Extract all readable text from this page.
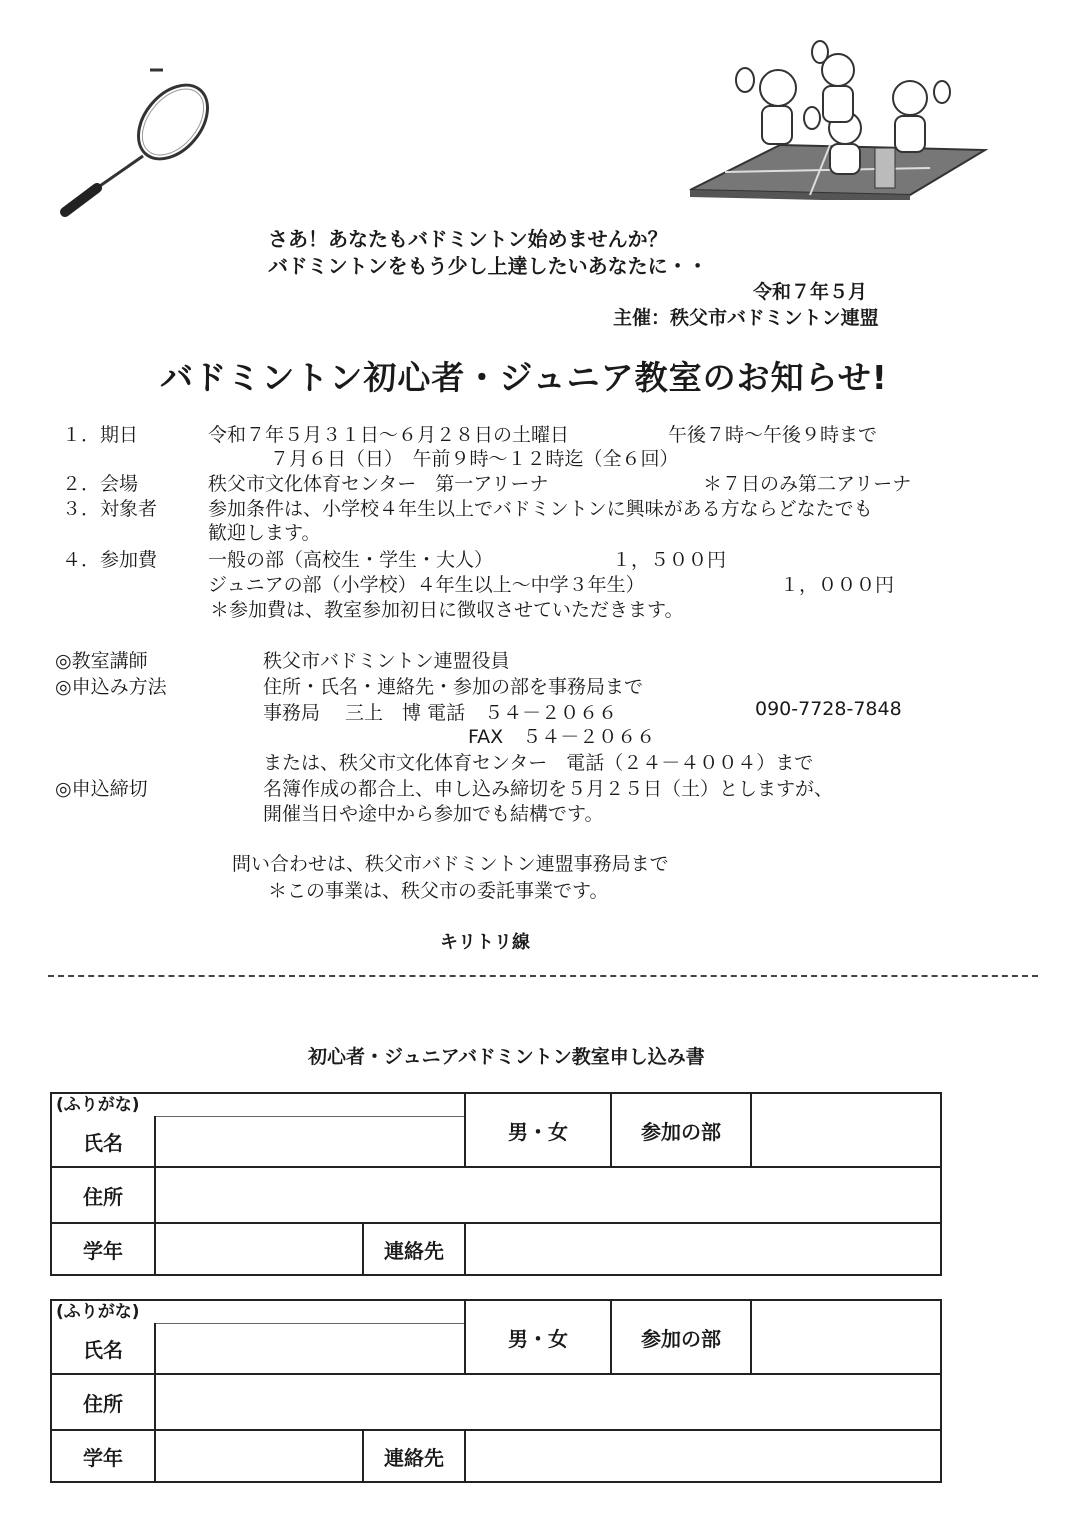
さあ！あなたもバドミントン始めませんか？
バドミントンをもう少し上達したいあなたに・・
令和７年５月
主催：秩父市バドミントン連盟
バドミントン初心者・ジュニア教室のお知らせ!
１．期日	令和７年５月３１日～６月２８日の土曜日	午後７時～午後９時まで
７月６日（日）　午前９時～１２時迄（全６回）
２．会場	秩父市文化体育センター　第一アリーナ	＊７日のみ第二アリーナ
３．対象者	参加条件は、小学校４年生以上でバドミントンに興味がある方ならどなたでも
歓迎します。
４．参加費	一般の部（高校生・学生・大人）	１，５００円
ジュニアの部（小学校）４年生以上～中学３年生）	１，０００円
＊参加費は、教室参加初日に徴収させていただきます。
◎教室講師	秩父市バドミントン連盟役員
◎申込み方法	住所・氏名・連絡先・参加の部を事務局まで
事務局　 三上　博 電話　５４－２０６６	090-7728-7848
FAX　５４－２０６６
または、秩父市文化体育センター　電話（２４－４００４）まで
◎申込締切	名簿作成の都合上、申し込み締切を５月２５日（土）としますが、
開催当日や途中から参加でも結構です。
問い合わせは、秩父市バドミントン連盟事務局まで
＊この事業は、秩父市の委託事業です。
キリトリ線
初心者・ジュニアバドミントン教室申し込み書
(ふりがな)
氏名			男・女	参加の部	
住所					
学年		連絡先			
(ふりがな)
氏名			男・女	参加の部	
住所					
学年		連絡先			
